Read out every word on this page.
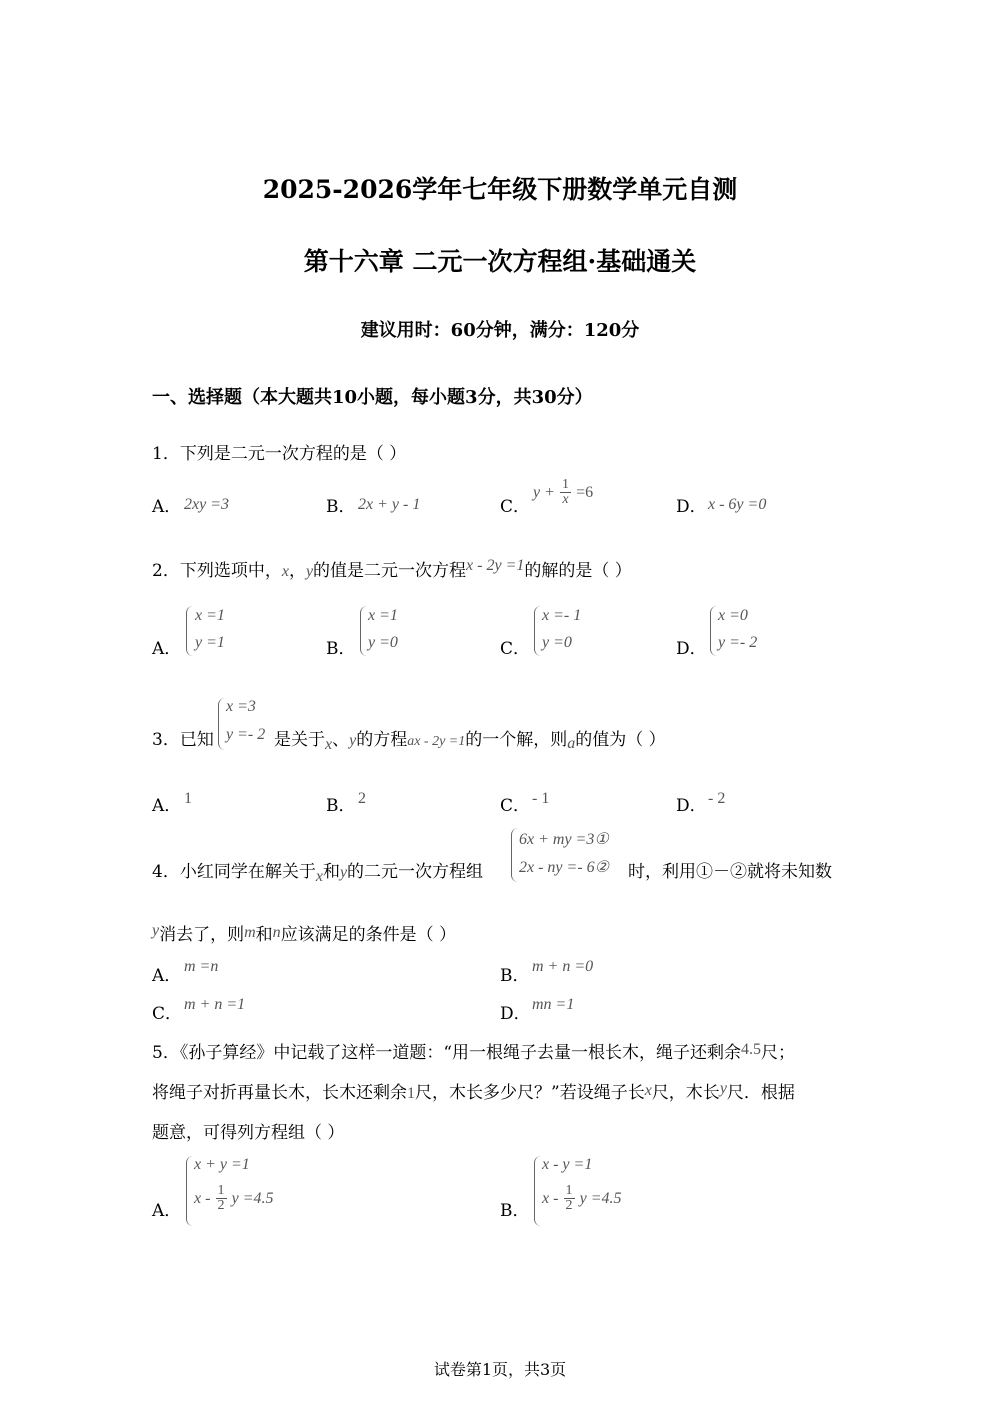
2025-2026学年七年级下册数学单元自测
第十六章 二元一次方程组·基础通关
建议用时：60分钟，满分：120分
一、选择题（本大题共10小题，每小题3分，共30分）
1．下列是二元一次方程的是（ ）
A． 2xy =3	B． 2x + y - 1	C．
$y + \frac{1}{x} =6$
D． x - 6y =0
2．下列选项中，x，y的值是二元一次方程x - 2y =1的解的是（ ）
A．
x =1
y =1	B．
x =1
y =0	C．
x =- 1
y =0	D．
x =0
y =- 2
3．已知
x =3
y =- 2 是关于x、y的方程ax - 2y =1的一个解，则a的值为（ ）
A． 1	B． 2	C． - 1	D． - 2
4．小红同学在解关于x和y的二元一次方程组
6x + my =3①
2x - ny =- 6② 时，利用①－②就将未知数
y消去了，则m和n应该满足的条件是（ ）
A． m =n	B． m + n =0
C． m + n =1	D． mn =1
5．《孙子算经》中记载了这样一道题：“用一根绳子去量一根长木，绳子还剩余4.5尺；
将绳子对折再量长木，长木还剩余1尺，木长多少尺？”若设绳子长x尺，木长y尺．根据
题意，可得列方程组（ ）
A．
x + y =1
x - $\frac{1}{2}$ y =4.5
B．
x - y =1
x - $\frac{1}{2}$ y =4.5
试卷第1页，共3页
